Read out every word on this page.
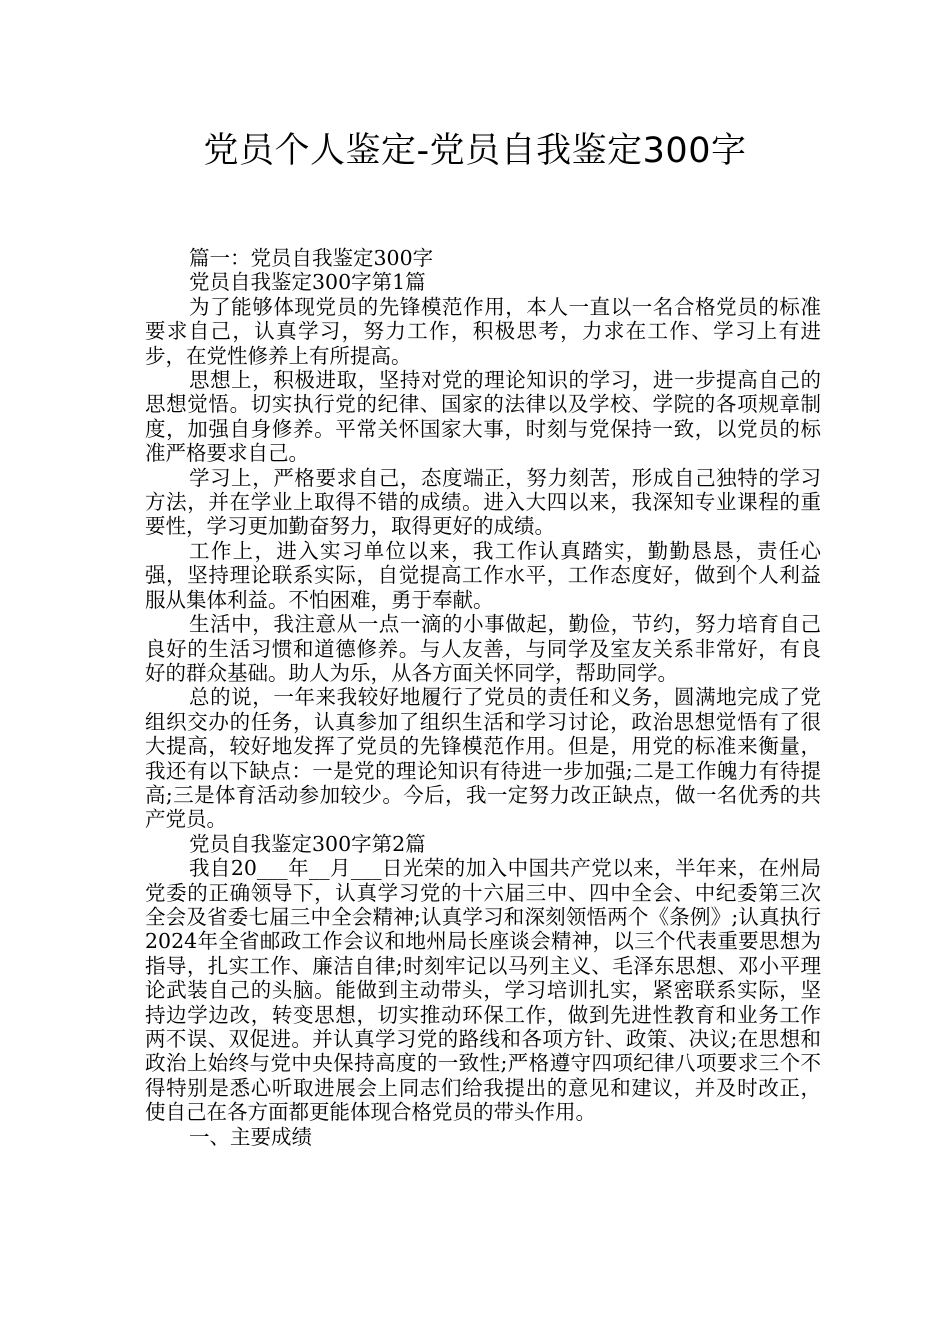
党员个人鉴定-党员自我鉴定300字

篇一：党员自我鉴定300字

党员自我鉴定300字第1篇

为了能够体现党员的先锋模范作用，本人一直以一名合格党员的标准要求自己，认真学习，努力工作，积极思考，力求在工作、学习上有进步，在党性修养上有所提高。

思想上，积极进取，坚持对党的理论知识的学习，进一步提高自己的思想觉悟。切实执行党的纪律、国家的法律以及学校、学院的各项规章制度，加强自身修养。平常关怀国家大事，时刻与党保持一致，以党员的标准严格要求自己。

学习上，严格要求自己，态度端正，努力刻苦，形成自己独特的学习方法，并在学业上取得不错的成绩。进入大四以来，我深知专业课程的重要性，学习更加勤奋努力，取得更好的成绩。

工作上，进入实习单位以来，我工作认真踏实，勤勤恳恳，责任心强，坚持理论联系实际，自觉提高工作水平，工作态度好，做到个人利益服从集体利益。不怕困难，勇于奉献。

生活中，我注意从一点一滴的小事做起，勤俭，节约，努力培育自己良好的生活习惯和道德修养。与人友善，与同学及室友关系非常好，有良好的群众基础。助人为乐，从各方面关怀同学，帮助同学。

总的说，一年来我较好地履行了党员的责任和义务，圆满地完成了党组织交办的任务，认真参加了组织生活和学习讨论，政治思想觉悟有了很大提高，较好地发挥了党员的先锋模范作用。但是，用党的标准来衡量，我还有以下缺点：一是党的理论知识有待进一步加强;二是工作魄力有待提高;三是体育活动参加较少。今后，我一定努力改正缺点，做一名优秀的共产党员。

党员自我鉴定300字第2篇

我自20___年__月___日光荣的加入中国共产党以来，半年来，在州局党委的正确领导下，认真学习党的十六届三中、四中全会、中纪委第三次全会及省委七届三中全会精神;认真学习和深刻领悟两个《条例》;认真执行2024年全省邮政工作会议和地州局长座谈会精神，以三个代表重要思想为指导，扎实工作、廉洁自律;时刻牢记以马列主义、毛泽东思想、邓小平理论武装自己的头脑。能做到主动带头，学习培训扎实，紧密联系实际，坚持边学边改，转变思想，切实推动环保工作，做到先进性教育和业务工作两不误、双促进。并认真学习党的路线和各项方针、政策、决议;在思想和政治上始终与党中央保持高度的一致性;严格遵守四项纪律八项要求三个不得特别是悉心听取进展会上同志们给我提出的意见和建议，并及时改正，使自己在各方面都更能体现合格党员的带头作用。

一、主要成绩
